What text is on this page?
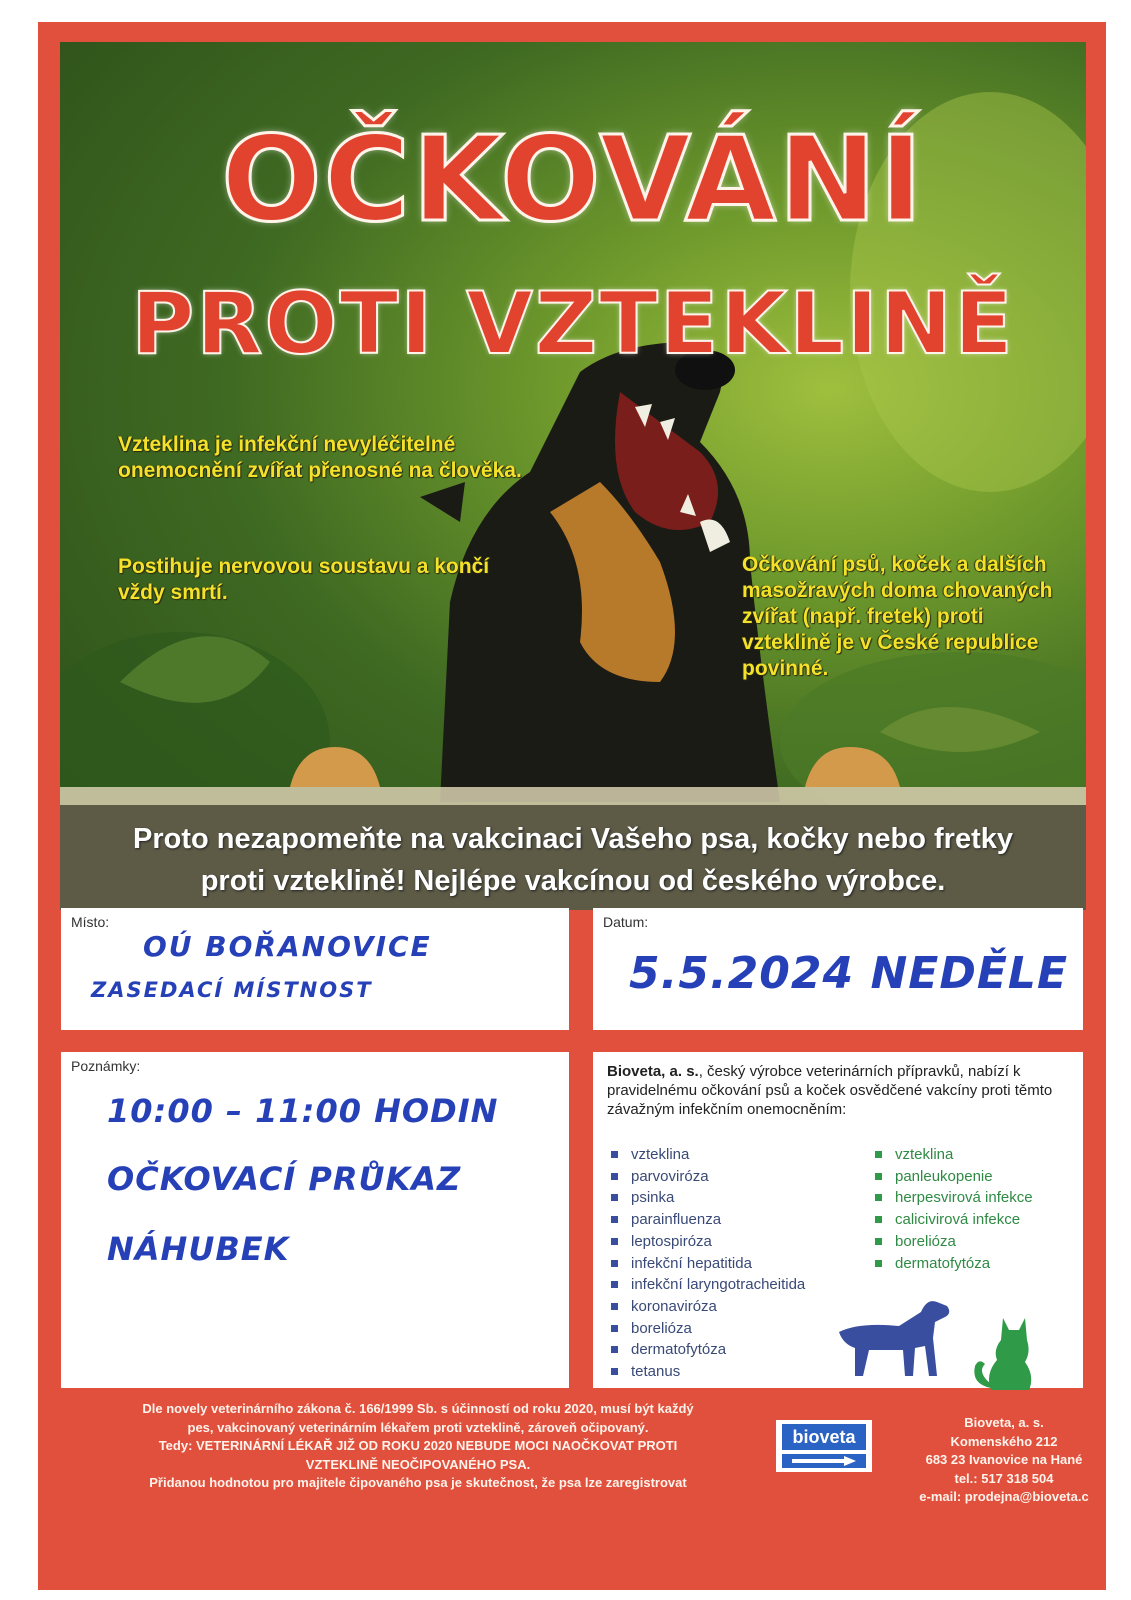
OČKOVÁNÍ
PROTI VZTEKLINĚ
Vzteklina je infekční nevyléčitelné onemocnění zvířat přenosné na člověka.
Postihuje nervovou soustavu a končí vždy smrtí.
Očkování psů, koček a dalších masožravých doma chovaných zvířat (např. fretek) proti vzteklině je v České republice povinné.
Proto nezapomeňte na vakcinaci Vašeho psa, kočky nebo fretky
proti vzteklině! Nejlépe vakcínou od českého výrobce.
Místo:
OÚ BOŘANOVICE
ZASEDACÍ MÍSTNOST
Datum:
5.5.2024 NEDĚLE
Poznámky:
10:00 – 11:00 HODIN
OČKOVACÍ PRŮKAZ
NÁHUBEK
Bioveta, a. s., český výrobce veterinárních přípravků, nabízí k pravidelnému očkování psů a koček osvědčené vakcíny proti těmto závažným infekčním onemocněním:
vzteklina
parvoviróza
psinka
parainfluenza
leptospiróza
infekční hepatitida
infekční laryngotracheitida
koronaviróza
borelióza
dermatofytóza
tetanus
vzteklina
panleukopenie
herpesvirová infekce
calicivirová infekce
borelióza
dermatofytóza
Dle novely veterinárního zákona č. 166/1999 Sb. s účinností od roku 2020, musí být každý
pes, vakcinovaný veterinárním lékařem proti vzteklině, zároveň očipovaný.
Tedy: VETERINÁRNÍ LÉKAŘ JIŽ OD ROKU 2020 NEBUDE MOCI NAOČKOVAT PROTI
VZTEKLINĚ NEOČIPOVANÉHO PSA.
Přidanou hodnotou pro majitele čipovaného psa je skutečnost, že psa lze zaregistrovat
bioveta
Bioveta, a. s.
Komenského 212
683 23 Ivanovice na Hané
tel.: 517 318 504
e-mail: prodejna@bioveta.c
